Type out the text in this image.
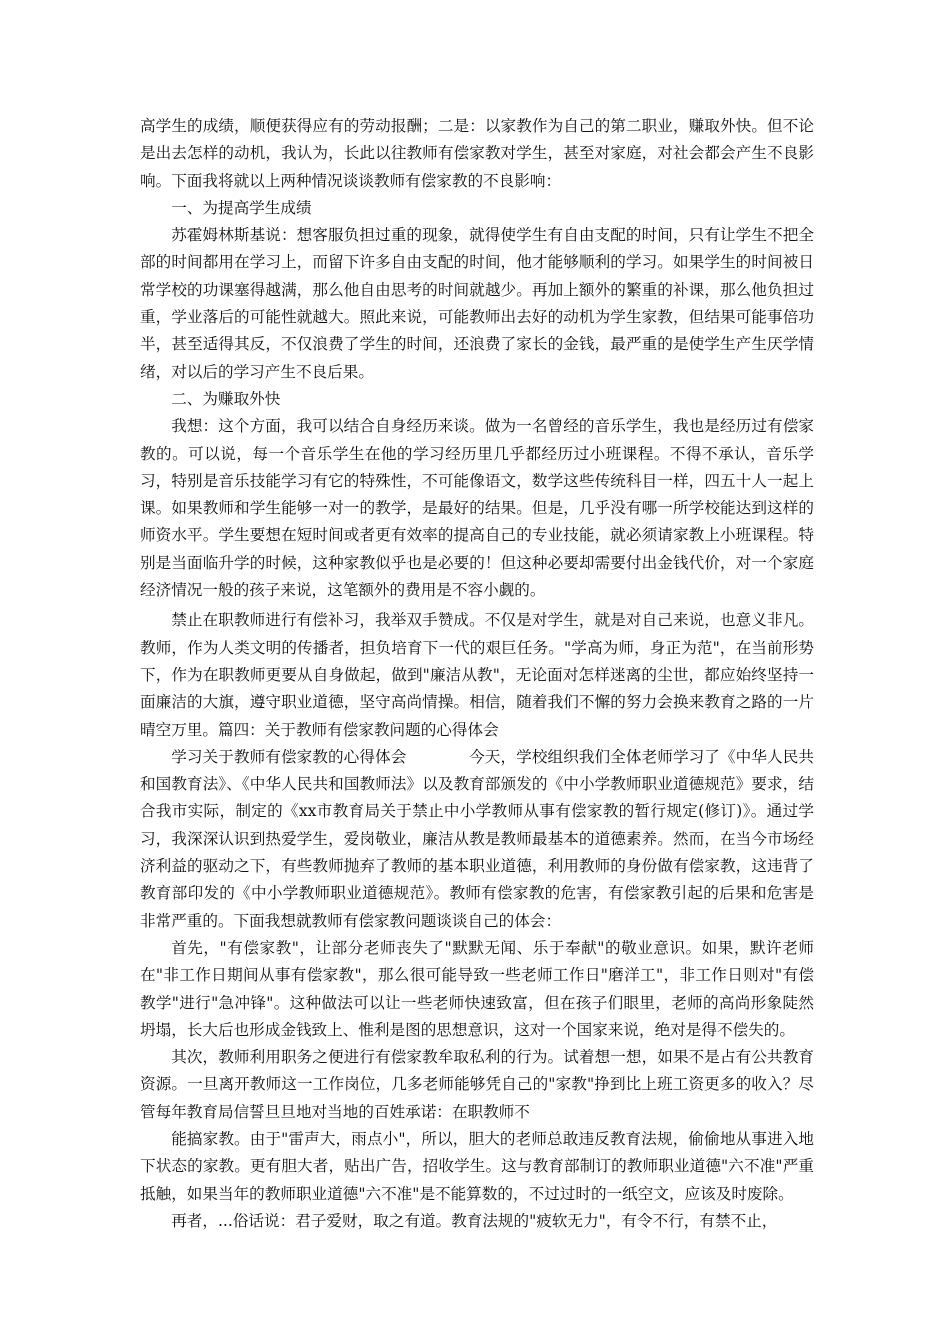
高学生的成绩，顺便获得应有的劳动报酬；二是：以家教作为自己的第二职业，赚取外快。但不论是出去怎样的动机，我认为，长此以往教师有偿家教对学生，甚至对家庭，对社会都会产生不良影响。下面我将就以上两种情况谈谈教师有偿家教的不良影响：

一、为提高学生成绩

苏霍姆林斯基说：想客服负担过重的现象，就得使学生有自由支配的时间，只有让学生不把全部的时间都用在学习上，而留下许多自由支配的时间，他才能够顺利的学习。如果学生的时间被日常学校的功课塞得越满，那么他自由思考的时间就越少。再加上额外的繁重的补课，那么他负担过重，学业落后的可能性就越大。照此来说，可能教师出去好的动机为学生家教，但结果可能事倍功半，甚至适得其反，不仅浪费了学生的时间，还浪费了家长的金钱，最严重的是使学生产生厌学情绪，对以后的学习产生不良后果。

二、为赚取外快

我想：这个方面，我可以结合自身经历来谈。做为一名曾经的音乐学生，我也是经历过有偿家教的。可以说，每一个音乐学生在他的学习经历里几乎都经历过小班课程。不得不承认，音乐学习，特别是音乐技能学习有它的特殊性，不可能像语文，数学这些传统科目一样，四五十人一起上课。如果教师和学生能够一对一的教学，是最好的结果。但是，几乎没有哪一所学校能达到这样的师资水平。学生要想在短时间或者更有效率的提高自己的专业技能，就必须请家教上小班课程。特别是当面临升学的时候，这种家教似乎也是必要的！但这种必要却需要付出金钱代价，对一个家庭经济情况一般的孩子来说，这笔额外的费用是不容小觑的。

禁止在职教师进行有偿补习，我举双手赞成。不仅是对学生，就是对自己来说，也意义非凡。教师，作为人类文明的传播者，担负培育下一代的艰巨任务。"学高为师，身正为范"，在当前形势下，作为在职教师更要从自身做起，做到"廉洁从教"，无论面对怎样迷离的尘世，都应始终坚持一面廉洁的大旗，遵守职业道德，坚守高尚情操。相信，随着我们不懈的努力会换来教育之路的一片晴空万里。篇四：关于教师有偿家教问题的心得体会

学习关于教师有偿家教的心得体会　　　　今天，学校组织我们全体老师学习了《中华人民共和国教育法》、《中华人民共和国教师法》以及教育部颁发的《中小学教师职业道德规范》要求，结合我市实际，制定的《xx市教育局关于禁止中小学教师从事有偿家教的暂行规定(修订)》。通过学习，我深深认识到热爱学生，爱岗敬业，廉洁从教是教师最基本的道德素养。然而，在当今市场经济利益的驱动之下，有些教师抛弃了教师的基本职业道德，利用教师的身份做有偿家教，这违背了教育部印发的《中小学教师职业道德规范》。教师有偿家教的危害，有偿家教引起的后果和危害是非常严重的。下面我想就教师有偿家教问题谈谈自己的体会：

首先，"有偿家教"，让部分老师丧失了"默默无闻、乐于奉献"的敬业意识。如果，默许老师在"非工作日期间从事有偿家教"，那么很可能导致一些老师工作日"磨洋工"，非工作日则对"有偿教学"进行"急冲锋"。这种做法可以让一些老师快速致富，但在孩子们眼里，老师的高尚形象陡然坍塌，长大后也形成金钱致上、惟利是图的思想意识，这对一个国家来说，绝对是得不偿失的。

其次，教师利用职务之便进行有偿家教牟取私利的行为。试着想一想，如果不是占有公共教育资源。一旦离开教师这一工作岗位，几多老师能够凭自己的"家教"挣到比上班工资更多的收入？尽管每年教育局信誓旦旦地对当地的百姓承诺：在职教师不

能搞家教。由于"雷声大，雨点小"，所以，胆大的老师总敢违反教育法规，偷偷地从事进入地下状态的家教。更有胆大者，贴出广告，招收学生。这与教育部制订的教师职业道德"六不准"严重抵触，如果当年的教师职业道德"六不准"是不能算数的，不过过时的一纸空文，应该及时废除。

再者，...俗话说：君子爱财，取之有道。教育法规的"疲软无力"，有令不行，有禁不止，
